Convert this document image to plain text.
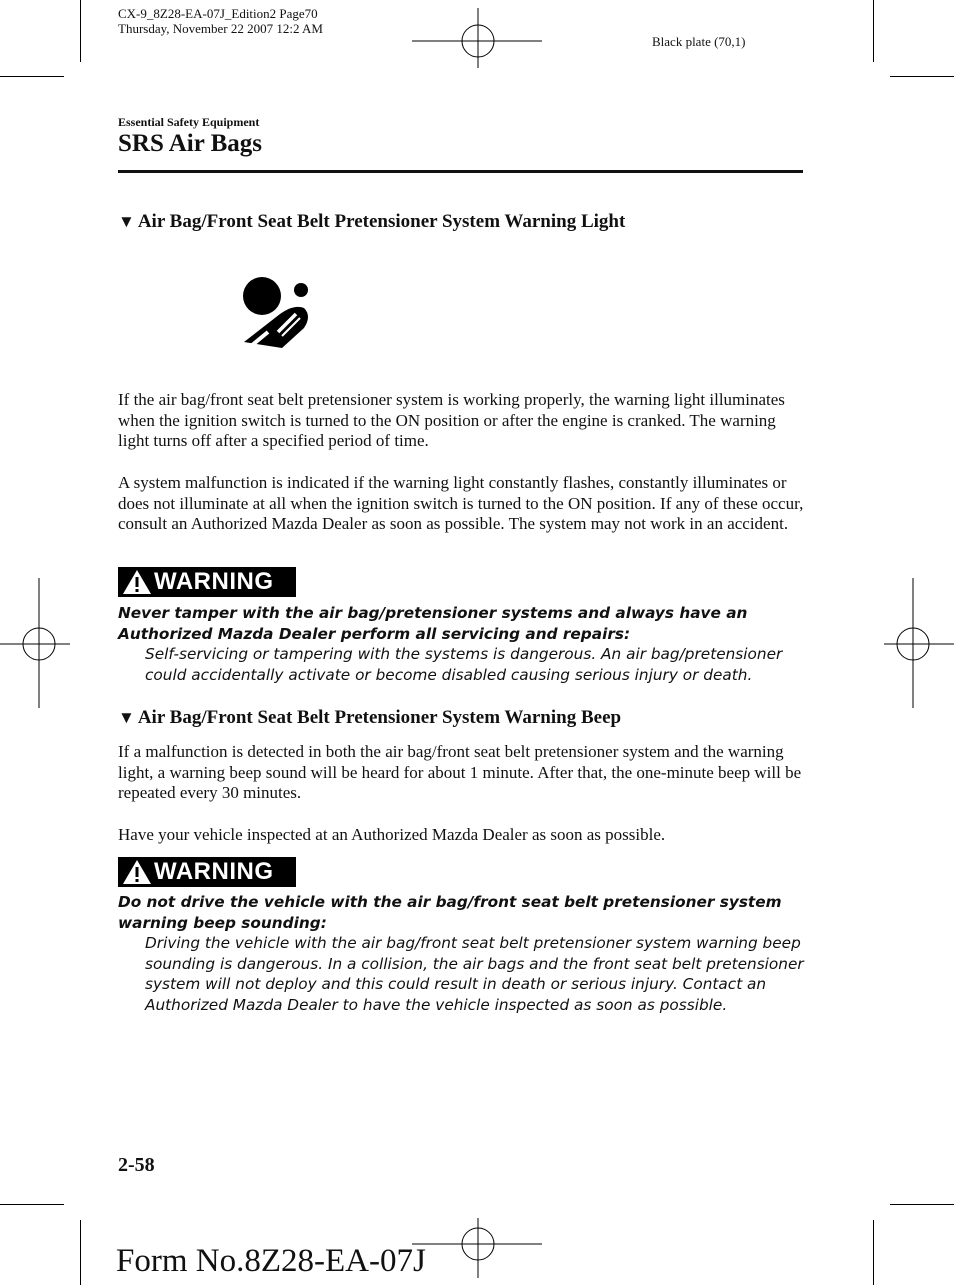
CX-9_8Z28-EA-07J_Edition2 Page70
Thursday, November 22 2007 12:2 AM
Black plate (70,1)
Essential Safety Equipment
SRS Air Bags
▼ Air Bag/Front Seat Belt Pretensioner System Warning Light
If the air bag/front seat belt pretensioner system is working properly, the warning light illuminates when the ignition switch is turned to the ON position or after the engine is cranked. The warning light turns off after a specified period of time.
A system malfunction is indicated if the warning light constantly flashes, constantly illuminates or does not illuminate at all when the ignition switch is turned to the ON position. If any of these occur, consult an Authorized Mazda Dealer as soon as possible. The system may not work in an accident.
WARNING
Never tamper with the air bag/pretensioner systems and always have an Authorized Mazda Dealer perform all servicing and repairs:
Self-servicing or tampering with the systems is dangerous. An air bag/pretensioner could accidentally activate or become disabled causing serious injury or death.
▼ Air Bag/Front Seat Belt Pretensioner System Warning Beep
If a malfunction is detected in both the air bag/front seat belt pretensioner system and the warning light, a warning beep sound will be heard for about 1 minute. After that, the one-minute beep will be repeated every 30 minutes.
Have your vehicle inspected at an Authorized Mazda Dealer as soon as possible.
WARNING
Do not drive the vehicle with the air bag/front seat belt pretensioner system warning beep sounding:
Driving the vehicle with the air bag/front seat belt pretensioner system warning beep sounding is dangerous. In a collision, the air bags and the front seat belt pretensioner system will not deploy and this could result in death or serious injury. Contact an Authorized Mazda Dealer to have the vehicle inspected as soon as possible.
2-58
Form No.8Z28-EA-07J
